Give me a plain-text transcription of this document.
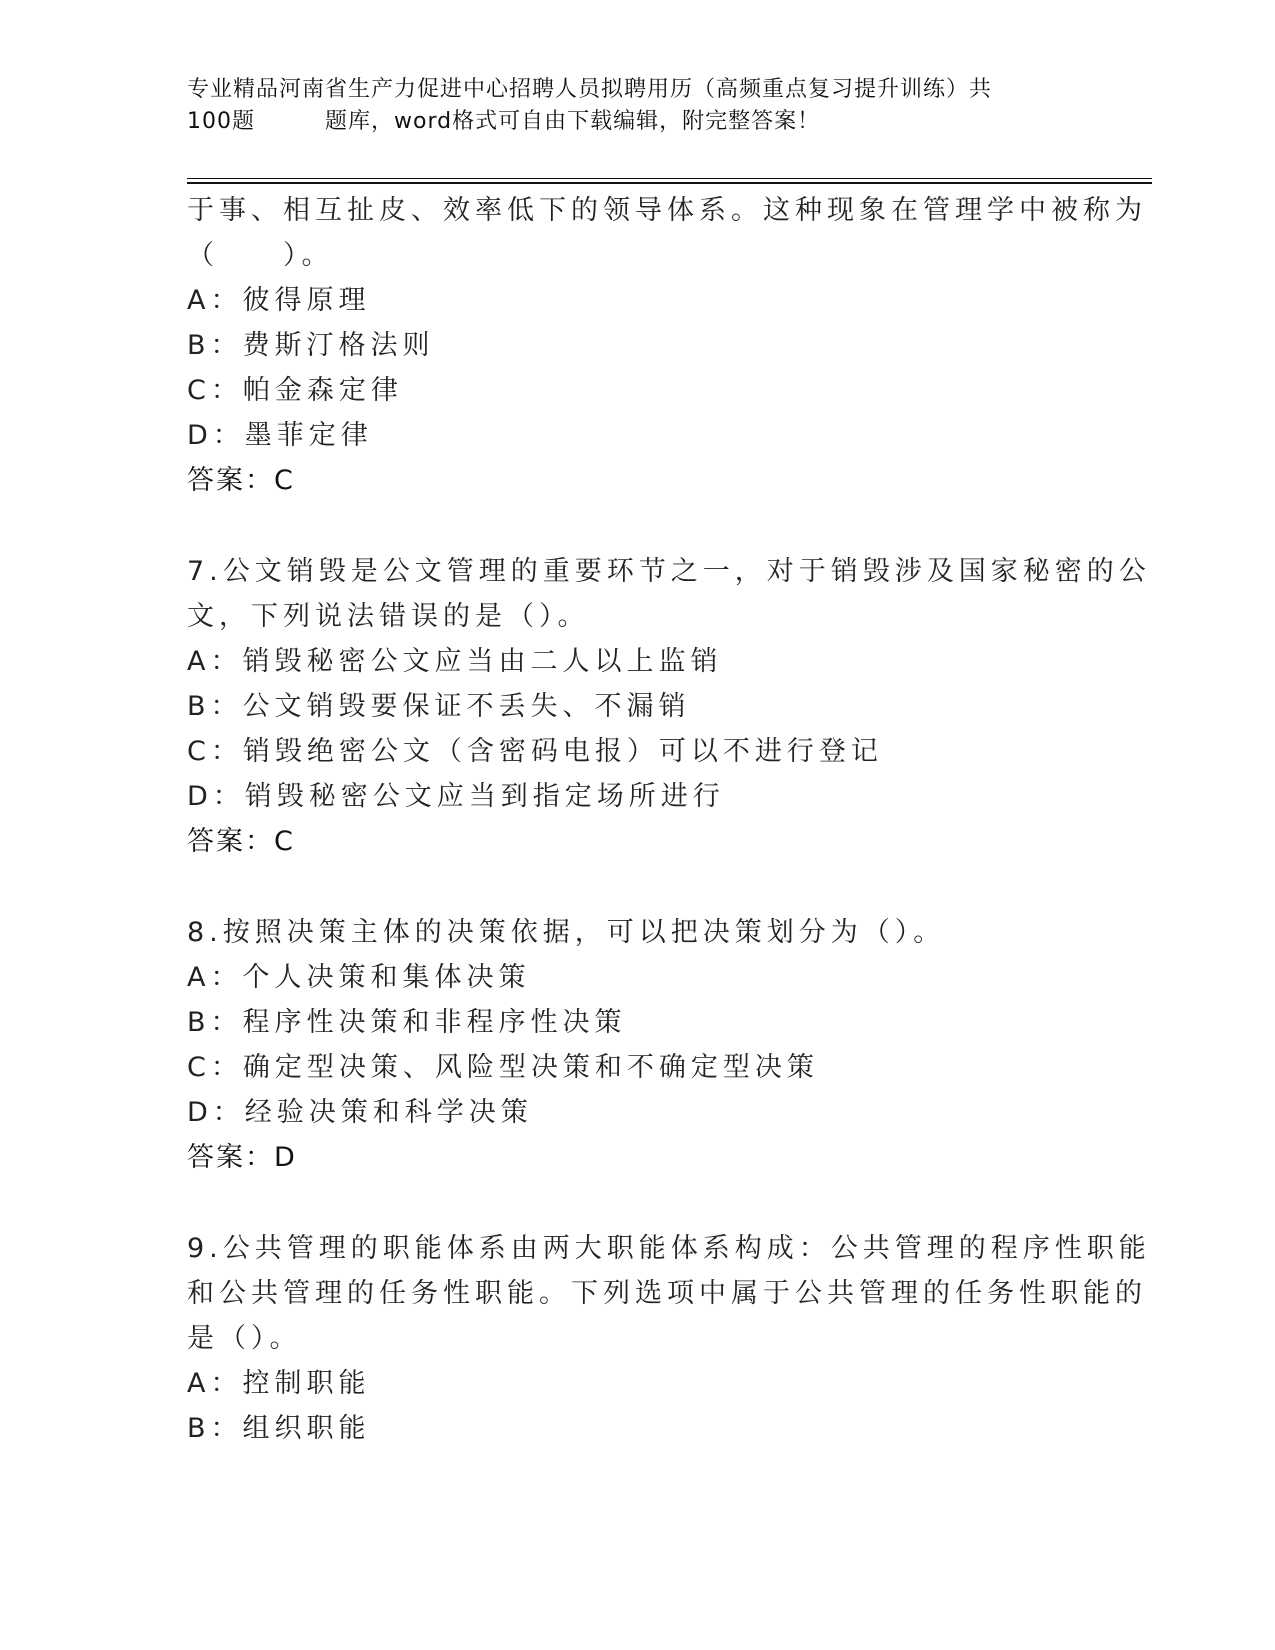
专业精品河南省生产力促进中心招聘人员拟聘用历（高频重点复习提升训练）共
100题	题库，word格式可自由下载编辑，附完整答案！
于事、相互扯皮、效率低下的领导体系。这种现象在管理学中被称为
（　　）。
A：彼得原理
B：费斯汀格法则
C：帕金森定律
D：墨菲定律
答案：C
7.公文销毁是公文管理的重要环节之一，对于销毁涉及国家秘密的公
文，下列说法错误的是（）。
A：销毁秘密公文应当由二人以上监销
B：公文销毁要保证不丢失、不漏销
C：销毁绝密公文（含密码电报）可以不进行登记
D：销毁秘密公文应当到指定场所进行
答案：C
8.按照决策主体的决策依据，可以把决策划分为（）。
A：个人决策和集体决策
B：程序性决策和非程序性决策
C：确定型决策、风险型决策和不确定型决策
D：经验决策和科学决策
答案：D
9.公共管理的职能体系由两大职能体系构成：公共管理的程序性职能
和公共管理的任务性职能。下列选项中属于公共管理的任务性职能的
是（）。
A：控制职能
B：组织职能
